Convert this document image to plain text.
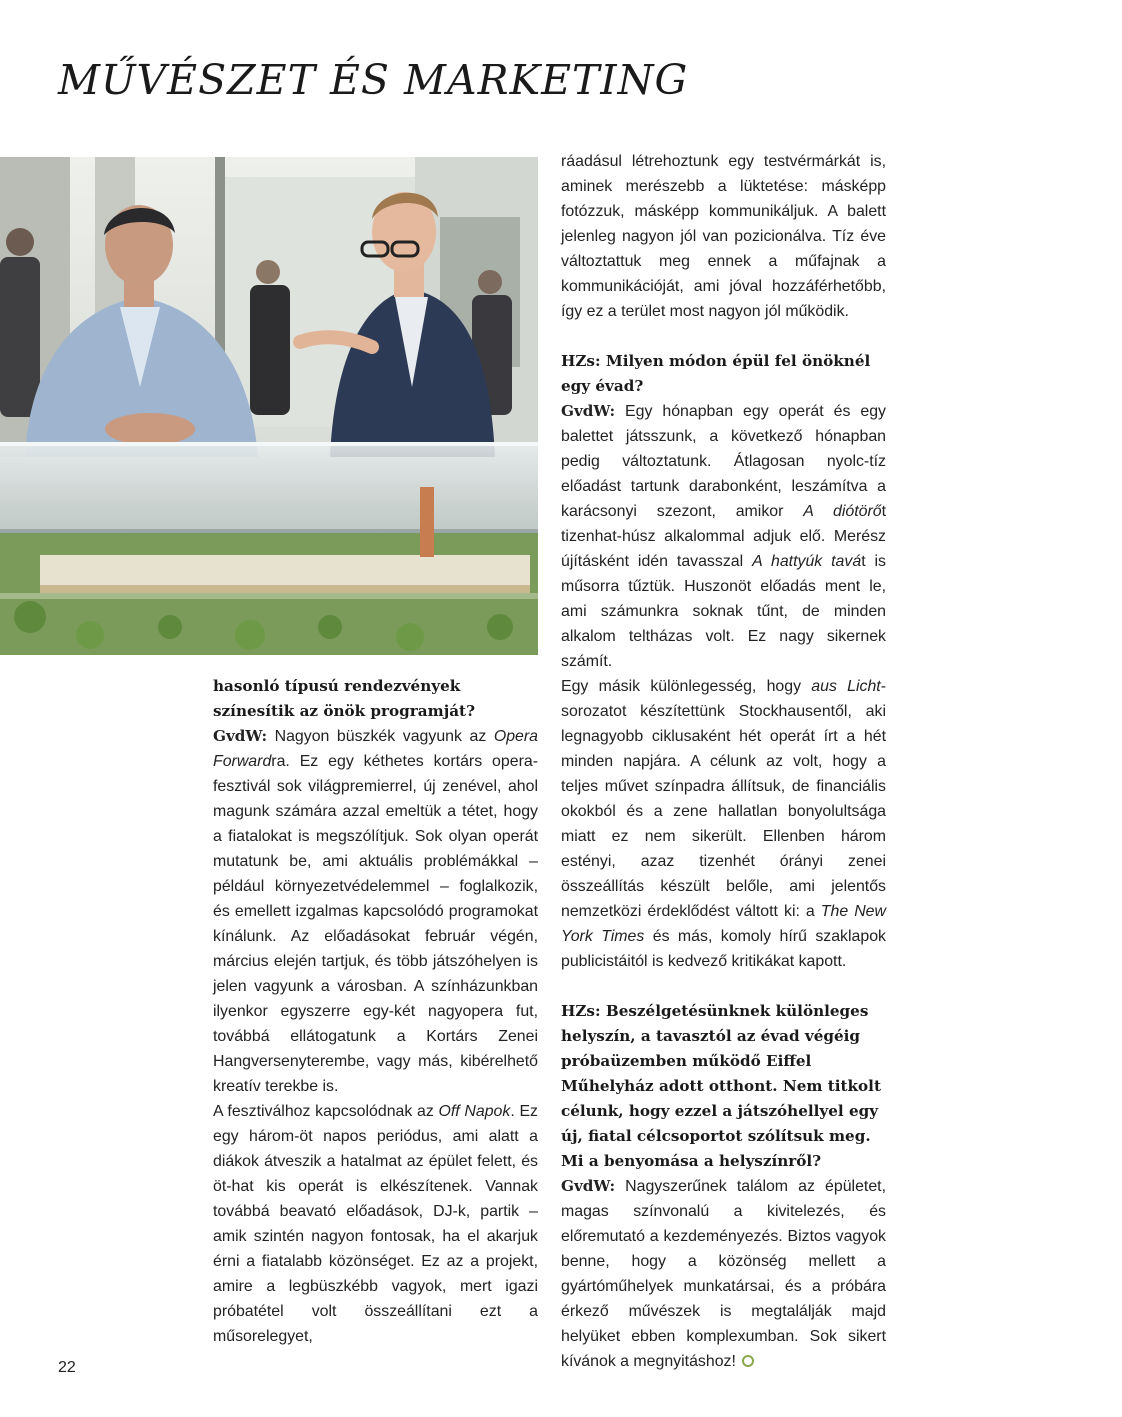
MŰVÉSZET ÉS MARKETING

hasonló típusú rendezvények színesítik az önök programját?

GvdW: Nagyon büszkék vagyunk az Opera Forwardra. Ez egy kéthetes kortárs opera-fesztivál sok világpremierrel, új zenével, ahol magunk számára azzal emeltük a tétet, hogy a fiatalokat is megszólítjuk. Sok olyan operát mutatunk be, ami aktuális problémákkal – például környezetvédelemmel – foglalkozik, és emellett izgalmas kapcsolódó programokat kínálunk. Az előadásokat február végén, március elején tartjuk, és több játszóhelyen is jelen vagyunk a városban. A színházunkban ilyenkor egyszerre egy-két nagyopera fut, továbbá ellátogatunk a Kortárs Zenei Hangversenyterembe, vagy más, kibérelhető kreatív terekbe is.

A fesztiválhoz kapcsolódnak az Off Napok. Ez egy három-öt napos periódus, ami alatt a diákok átveszik a hatalmat az épület felett, és öt-hat kis operát is elkészítenek. Vannak továbbá beavató előadások, DJ-k, partik – amik szintén nagyon fontosak, ha el akarjuk érni a fiatalabb közönséget. Ez az a projekt, amire a legbüszkébb vagyok, mert igazi próbatétel volt összeállítani ezt a műsorelegyet,

ráadásul létrehoztunk egy testvérmárkát is, aminek merészebb a lüktetése: másképp fotózzuk, másképp kommunikáljuk. A balett jelenleg nagyon jól van pozicionálva. Tíz éve változtattuk meg ennek a műfajnak a kommunikációját, ami jóval hozzáférhetőbb, így ez a terület most nagyon jól működik.

HZs: Milyen módon épül fel önöknél egy évad?

GvdW: Egy hónapban egy operát és egy balettet játsszunk, a következő hónapban pedig változtatunk. Átlagosan nyolc-tíz előadást tartunk darabonként, leszámítva a karácsonyi szezont, amikor A diótörőt tizenhat-húsz alkalommal adjuk elő. Merész újításként idén tavasszal A hattyúk tavát is műsorra tűztük. Huszonöt előadás ment le, ami számunkra soknak tűnt, de minden alkalom teltházas volt. Ez nagy sikernek számít.

Egy másik különlegesség, hogy aus Licht-sorozatot készítettünk Stockhausentől, aki legnagyobb ciklusaként hét operát írt a hét minden napjára. A célunk az volt, hogy a teljes művet színpadra állítsuk, de financiális okokból és a zene hallatlan bonyolultsága miatt ez nem sikerült. Ellenben három estényi, azaz tizenhét órányi zenei összeállítás készült belőle, ami jelentős nemzetközi érdeklődést váltott ki: a The New York Times és más, komoly hírű szaklapok publicistáitól is kedvező kritikákat kapott.

HZs: Beszélgetésünknek különleges helyszín, a tavasztól az évad végéig próbaüzemben működő Eiffel Műhelyház adott otthont. Nem titkolt célunk, hogy ezzel a játszóhellyel egy új, fiatal célcsoportot szólítsuk meg. Mi a benyomása a helyszínről?

GvdW: Nagyszerűnek találom az épületet, magas színvonalú a kivitelezés, és előremutató a kezdeményezés. Biztos vagyok benne, hogy a közönség mellett a gyártóműhelyek munkatársai, és a próbára érkező művészek is megtalálják majd helyüket ebben komplexumban. Sok sikert kívánok a megnyitáshoz!

22
